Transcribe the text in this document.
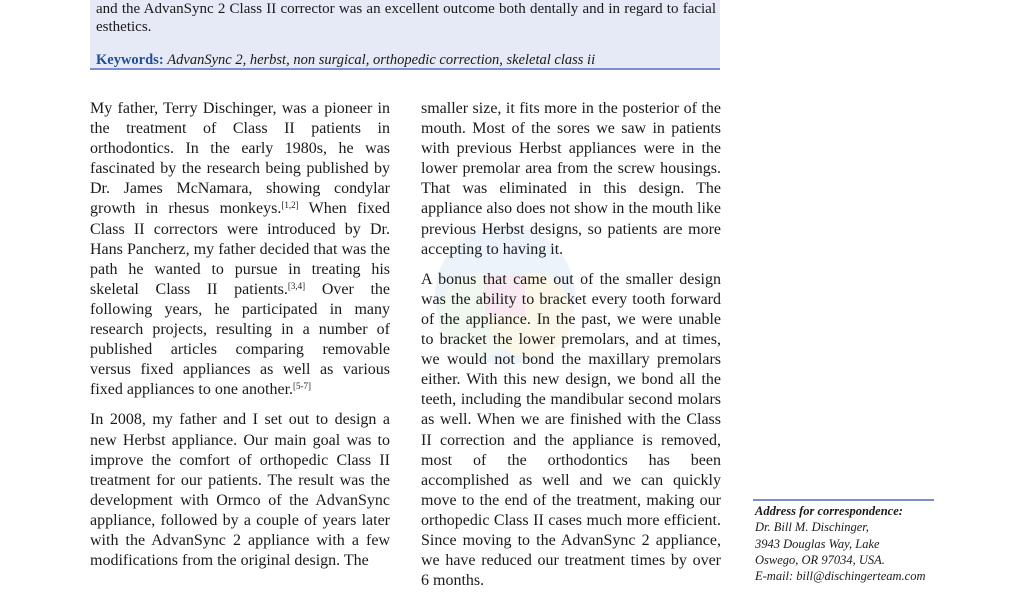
and the AdvanSync 2 Class II corrector was an excellent outcome both dentally and in regard to facial esthetics.

Keywords: AdvanSync 2, herbst, non surgical, orthopedic correction, skeletal class ii

My father, Terry Dischinger, was a pioneer in the treatment of Class II patients in orthodontics. In the early 1980s, he was fascinated by the research being published by Dr. James McNamara, showing condylar growth in rhesus monkeys.[1,2] When fixed Class II correctors were introduced by Dr. Hans Pancherz, my father decided that was the path he wanted to pursue in treating his skeletal Class II patients.[3,4] Over the following years, he participated in many research projects, resulting in a number of published articles comparing removable versus fixed appliances as well as various fixed appliances to one another.[5-7]

In 2008, my father and I set out to design a new Herbst appliance. Our main goal was to improve the comfort of orthopedic Class II treatment for our patients. The result was the development with Ormco of the AdvanSync appliance, followed by a couple of years later with the AdvanSync 2 appliance with a few modifications from the original design. The

smaller size, it fits more in the posterior of the mouth. Most of the sores we saw in patients with previous Herbst appliances were in the lower premolar area from the screw housings. That was eliminated in this design. The appliance also does not show in the mouth like previous Herbst designs, so patients are more accepting to having it.

A bonus that came out of the smaller design was the ability to bracket every tooth forward of the appliance. In the past, we were unable to bracket the lower premolars, and at times, we would not bond the maxillary premolars either. With this new design, we bond all the teeth, including the mandibular second molars as well. When we are finished with the Class II correction and the appliance is removed, most of the orthodontics has been accomplished as well and we can quickly move to the end of the treatment, making our orthopedic Class II cases much more efficient. Since moving to the AdvanSync 2 appliance, we have reduced our treatment times by over 6 months.

Address for correspondence:
Dr. Bill M. Dischinger,
3943 Douglas Way, Lake
Oswego, OR 97034, USA.
E-mail: bill@dischingerteam.com
